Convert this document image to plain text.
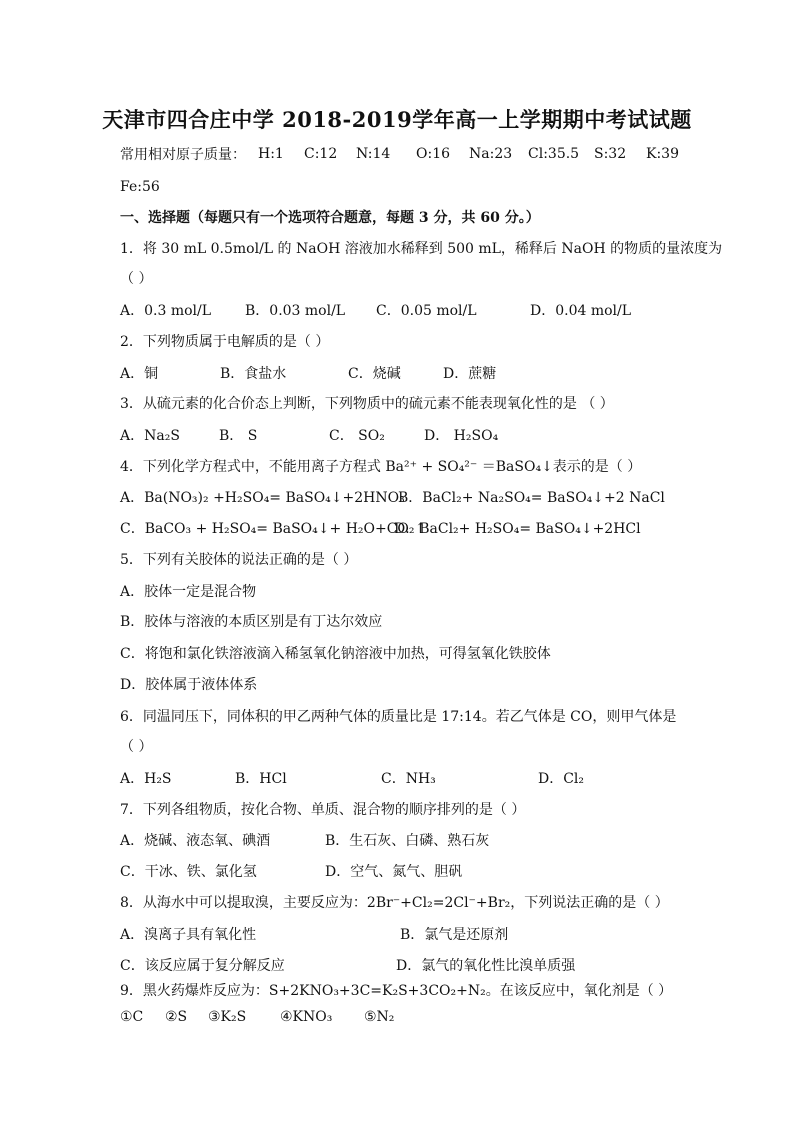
天津市四合庄中学 2018-2019学年高一上学期期中考试试题
常用相对原子质量： H:1 C:12 N:14 O:16 Na:23 Cl:35.5 S:32 K:39
Fe:56
一、选择题（每题只有一个选项符合题意，每题 3 分，共 60 分。）
1．将 30 mL 0.5mol/L 的 NaOH 溶液加水稀释到 500 mL，稀释后 NaOH 的物质的量浓度为
（ ）
A．0.3 mol/L B．0.03 mol/L C．0.05 mol/L	D．0.04 mol/L
2．下列物质属于电解质的是（ ）
A．铜	B．食盐水	C．烧碱	D．蔗糖
3．从硫元素的化合价态上判断，下列物质中的硫元素不能表现氧化性的是 （ ）
A．Na₂S	B． S	C． SO₂	D． H₂SO₄
4．下列化学方程式中，不能用离子方程式 Ba²⁺ + SO₄²⁻ ＝BaSO₄↓表示的是（ ）
A．Ba(NO₃)₂ +H₂SO₄= BaSO₄↓+2HNO₃
B．BaCl₂+ Na₂SO₄= BaSO₄↓+2 NaCl
C．BaCO₃ + H₂SO₄= BaSO₄↓+ H₂O+CO₂↑
D．BaCl₂+ H₂SO₄= BaSO₄↓+2HCl
5．下列有关胶体的说法正确的是（ ）
A．胶体一定是混合物
B．胶体与溶液的本质区别是有丁达尔效应
C．将饱和氯化铁溶液滴入稀氢氧化钠溶液中加热，可得氢氧化铁胶体
D．胶体属于液体体系
6．同温同压下，同体积的甲乙两种气体的质量比是 17:14。若乙气体是 CO，则甲气体是
（ ）
A．H₂S	B．HCl	C．NH₃	D．Cl₂
7．下列各组物质，按化合物、单质、混合物的顺序排列的是（ ）
A．烧碱、液态氧、碘酒	B．生石灰、白磷、熟石灰
C．干冰、铁、氯化氢	D．空气、氮气、胆矾
8．从海水中可以提取溴，主要反应为：2Br⁻+Cl₂=2Cl⁻+Br₂，下列说法正确的是（ ）
A．溴离子具有氧化性	B．氯气是还原剂
C．该反应属于复分解反应	D．氯气的氧化性比溴单质强
9．黑火药爆炸反应为：S+2KNO₃+3C=K₂S+3CO₂+N₂。在该反应中，氧化剂是（ ）
①C ②S ③K₂S ④KNO₃ ⑤N₂
